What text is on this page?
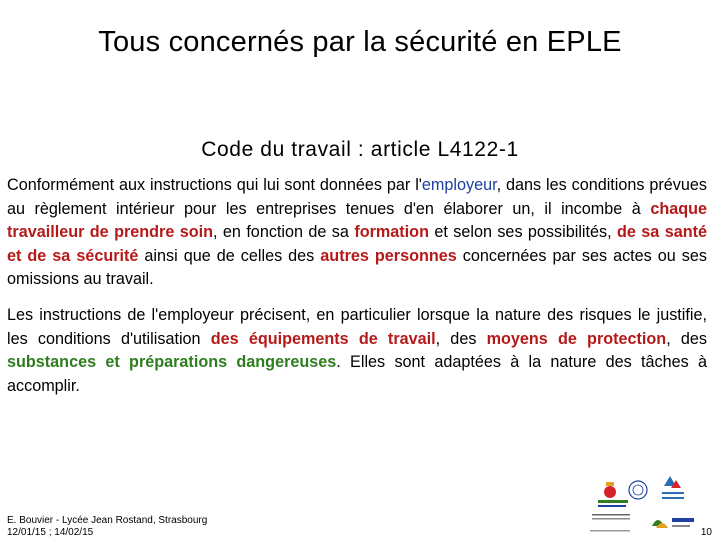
Tous concernés par la sécurité en EPLE
Code du travail : article L4122-1
Conformément aux instructions qui lui sont données par l'employeur, dans les conditions prévues au règlement intérieur pour les entreprises tenues d'en élaborer un, il incombe à chaque travailleur de prendre soin, en fonction de sa formation et selon ses possibilités, de sa santé et de sa sécurité ainsi que de celles des autres personnes concernées par ses actes ou ses omissions au travail.
Les instructions de l'employeur précisent, en particulier lorsque la nature des risques le justifie, les conditions d'utilisation des équipements de travail, des moyens de protection, des substances et préparations dangereuses. Elles sont adaptées à la nature des tâches à accomplir.
E. Bouvier - Lycée Jean Rostand, Strasbourg
12/01/15 ; 14/02/15	10
